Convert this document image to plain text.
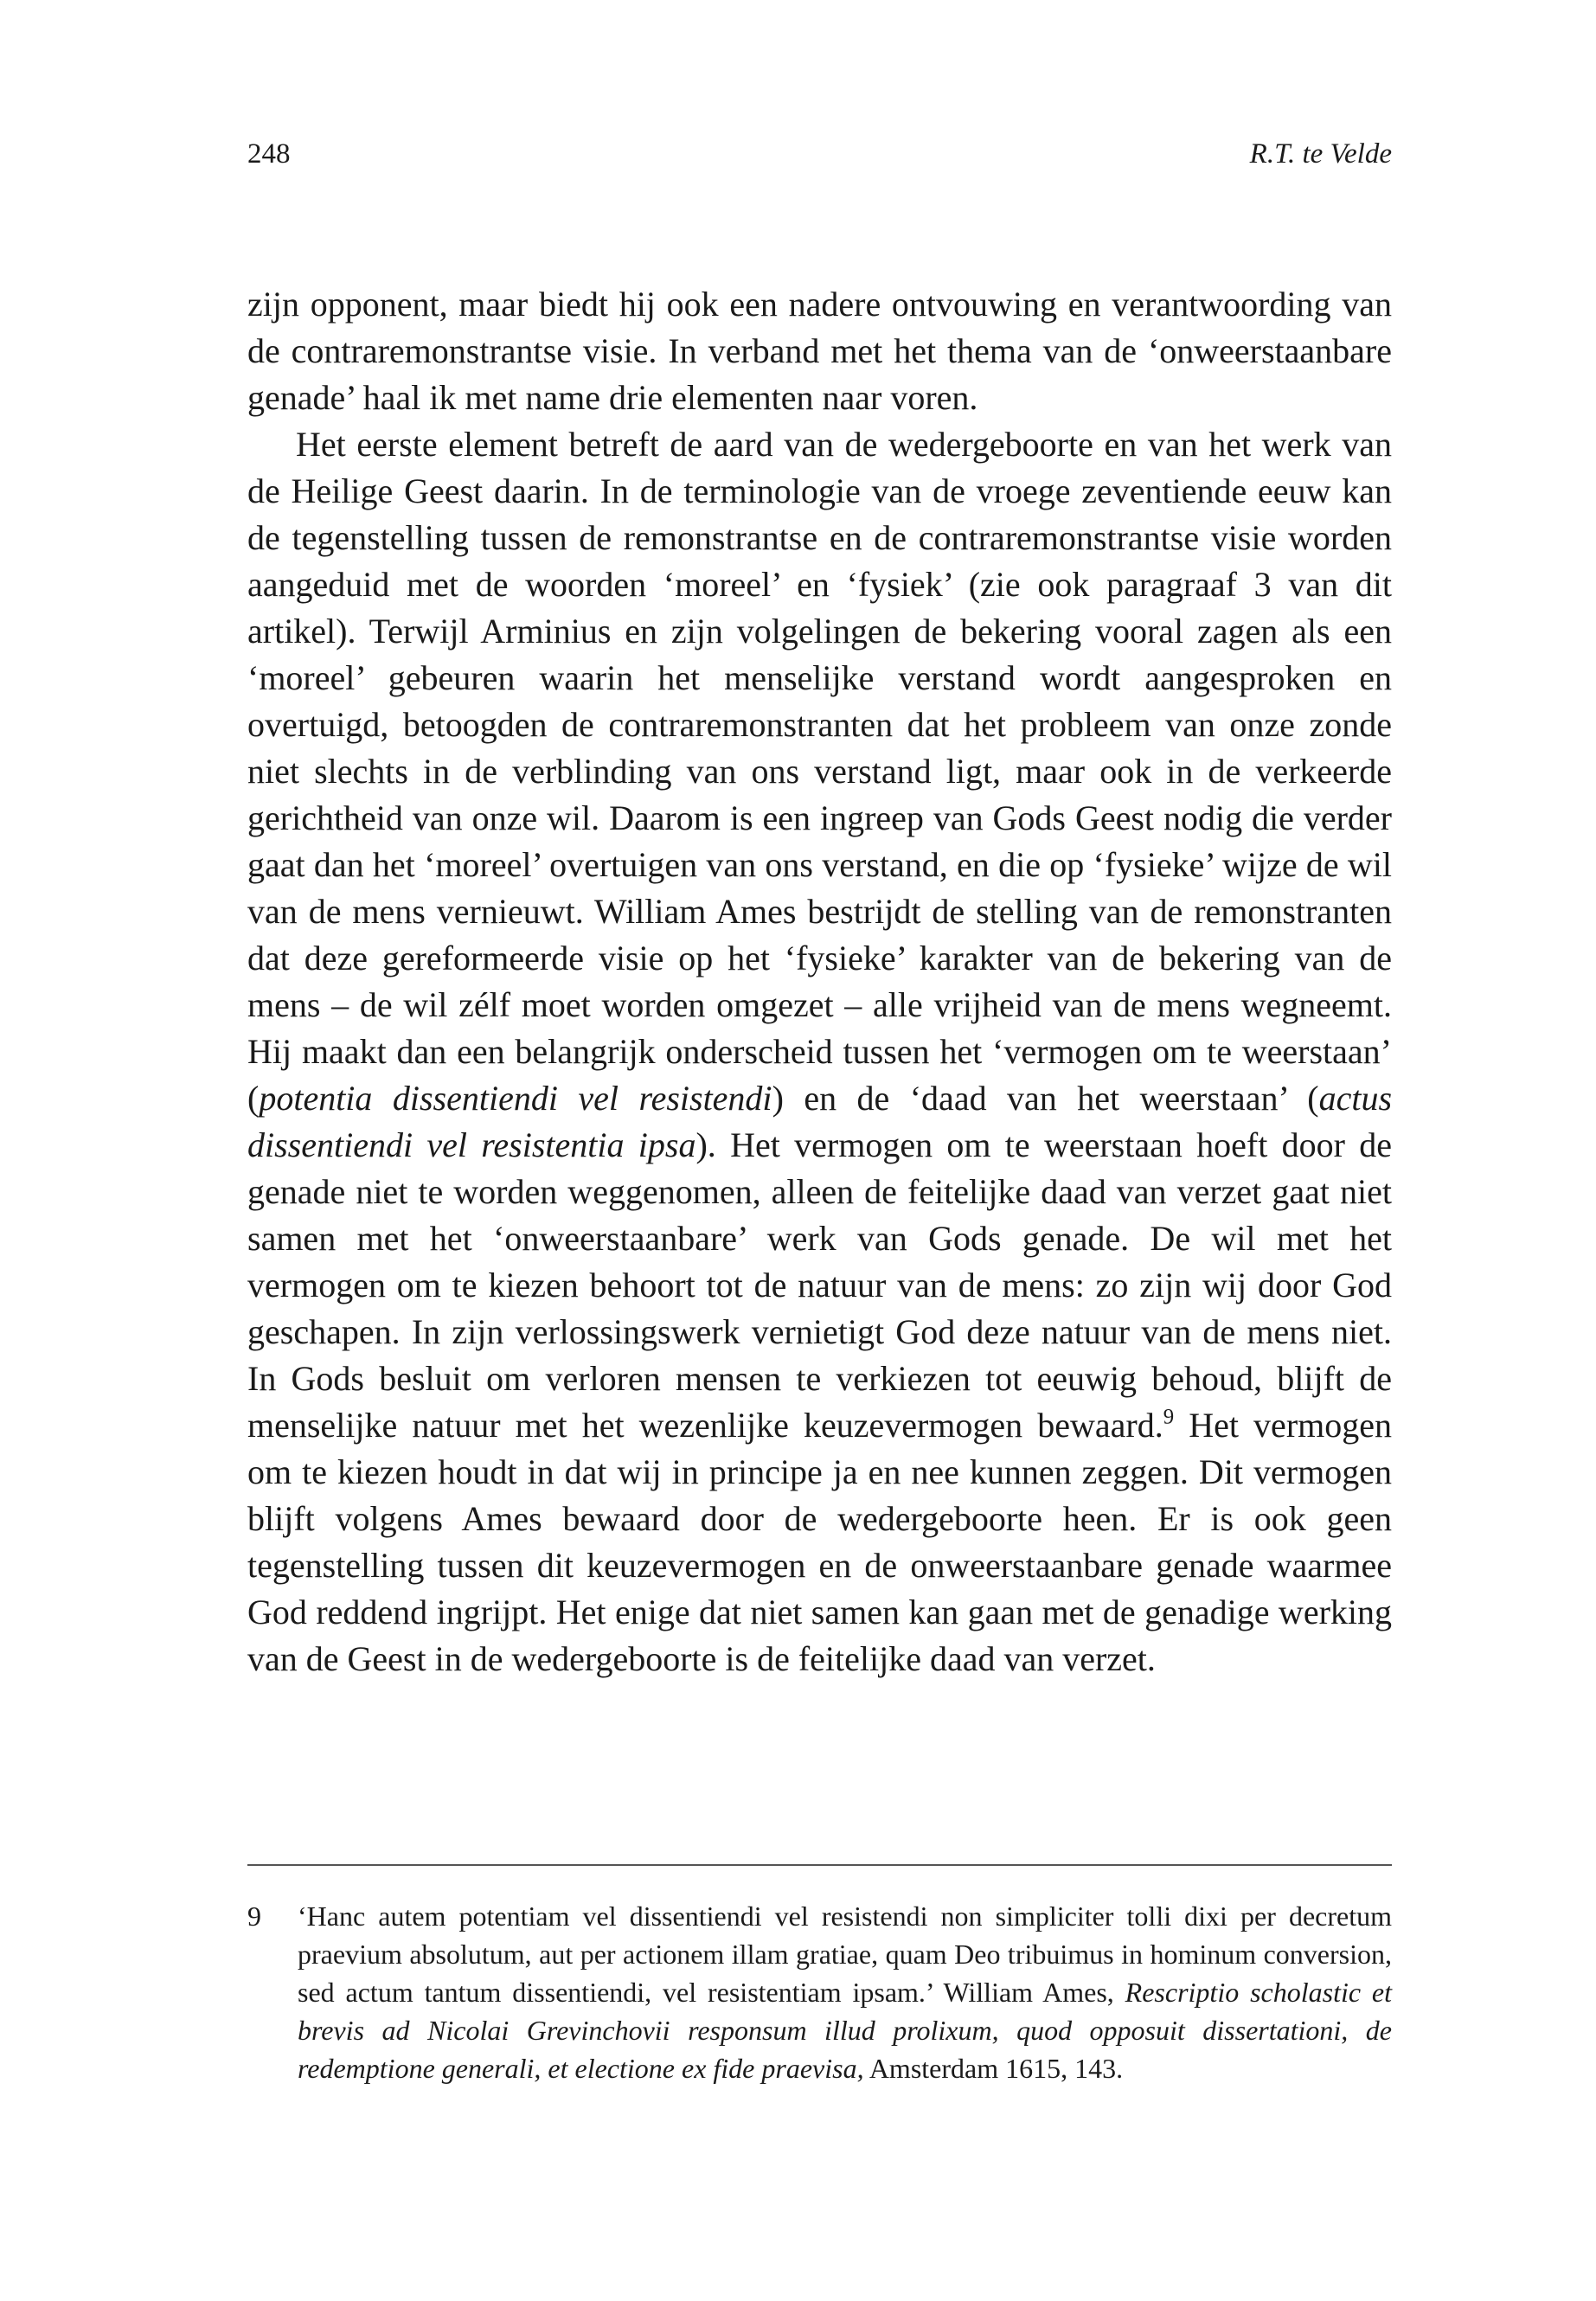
248	R.T. te Velde

zijn opponent, maar biedt hij ook een nadere ontvouwing en verantwoording van de contraremonstrantse visie. In verband met het thema van de ‘onweerstaanbare genade’ haal ik met name drie elementen naar voren.

Het eerste element betreft de aard van de wedergeboorte en van het werk van de Heilige Geest daarin. In de terminologie van de vroege zeventiende eeuw kan de tegenstelling tussen de remonstrantse en de contraremonstrantse visie worden aangeduid met de woorden ‘moreel’ en ‘fysiek’ (zie ook paragraaf 3 van dit artikel). Terwijl Arminius en zijn volgelingen de bekering vooral zagen als een ‘moreel’ gebeuren waarin het menselijke verstand wordt aangesproken en overtuigd, betoogden de contraremonstranten dat het probleem van onze zonde niet slechts in de verblinding van ons verstand ligt, maar ook in de verkeerde gerichtheid van onze wil. Daarom is een ingreep van Gods Geest nodig die verder gaat dan het ‘moreel’ overtuigen van ons verstand, en die op ‘fysieke’ wijze de wil van de mens vernieuwt. William Ames bestrijdt de stelling van de remonstranten dat deze gereformeerde visie op het ‘fysieke’ karakter van de bekering van de mens – de wil zélf moet worden omgezet – alle vrijheid van de mens wegneemt. Hij maakt dan een belangrijk onderscheid tussen het ‘vermogen om te weerstaan’ (potentia dissentiendi vel resistendi) en de ‘daad van het weerstaan’ (actus dissentiendi vel resistentia ipsa). Het vermogen om te weerstaan hoeft door de genade niet te worden weggenomen, alleen de feitelijke daad van verzet gaat niet samen met het ‘onweerstaanbare’ werk van Gods genade. De wil met het vermogen om te kiezen behoort tot de natuur van de mens: zo zijn wij door God geschapen. In zijn verlossingswerk vernietigt God deze natuur van de mens niet. In Gods besluit om verloren mensen te verkiezen tot eeuwig behoud, blijft de menselijke natuur met het wezenlijke keuzevermogen bewaard.$^9$ Het vermogen om te kiezen houdt in dat wij in principe ja en nee kunnen zeggen. Dit vermogen blijft volgens Ames bewaard door de wedergeboorte heen. Er is ook geen tegenstelling tussen dit keuzevermogen en de onweerstaanbare genade waarmee God reddend ingrijpt. Het enige dat niet samen kan gaan met de genadige werking van de Geest in de wedergeboorte is de feitelijke daad van verzet.

9	‘Hanc autem potentiam vel dissentiendi vel resistendi non simpliciter tolli dixi per decretum praevium absolutum, aut per actionem illam gratiae, quam Deo tribuimus in hominum conversion, sed actum tantum dissentiendi, vel resistentiam ipsam.’ William Ames, Rescriptio scholastic et brevis ad Nicolai Grevinchovii responsum illud prolixum, quod opposuit dissertationi, de redemptione generali, et electione ex fide praevisa, Amsterdam 1615, 143.
